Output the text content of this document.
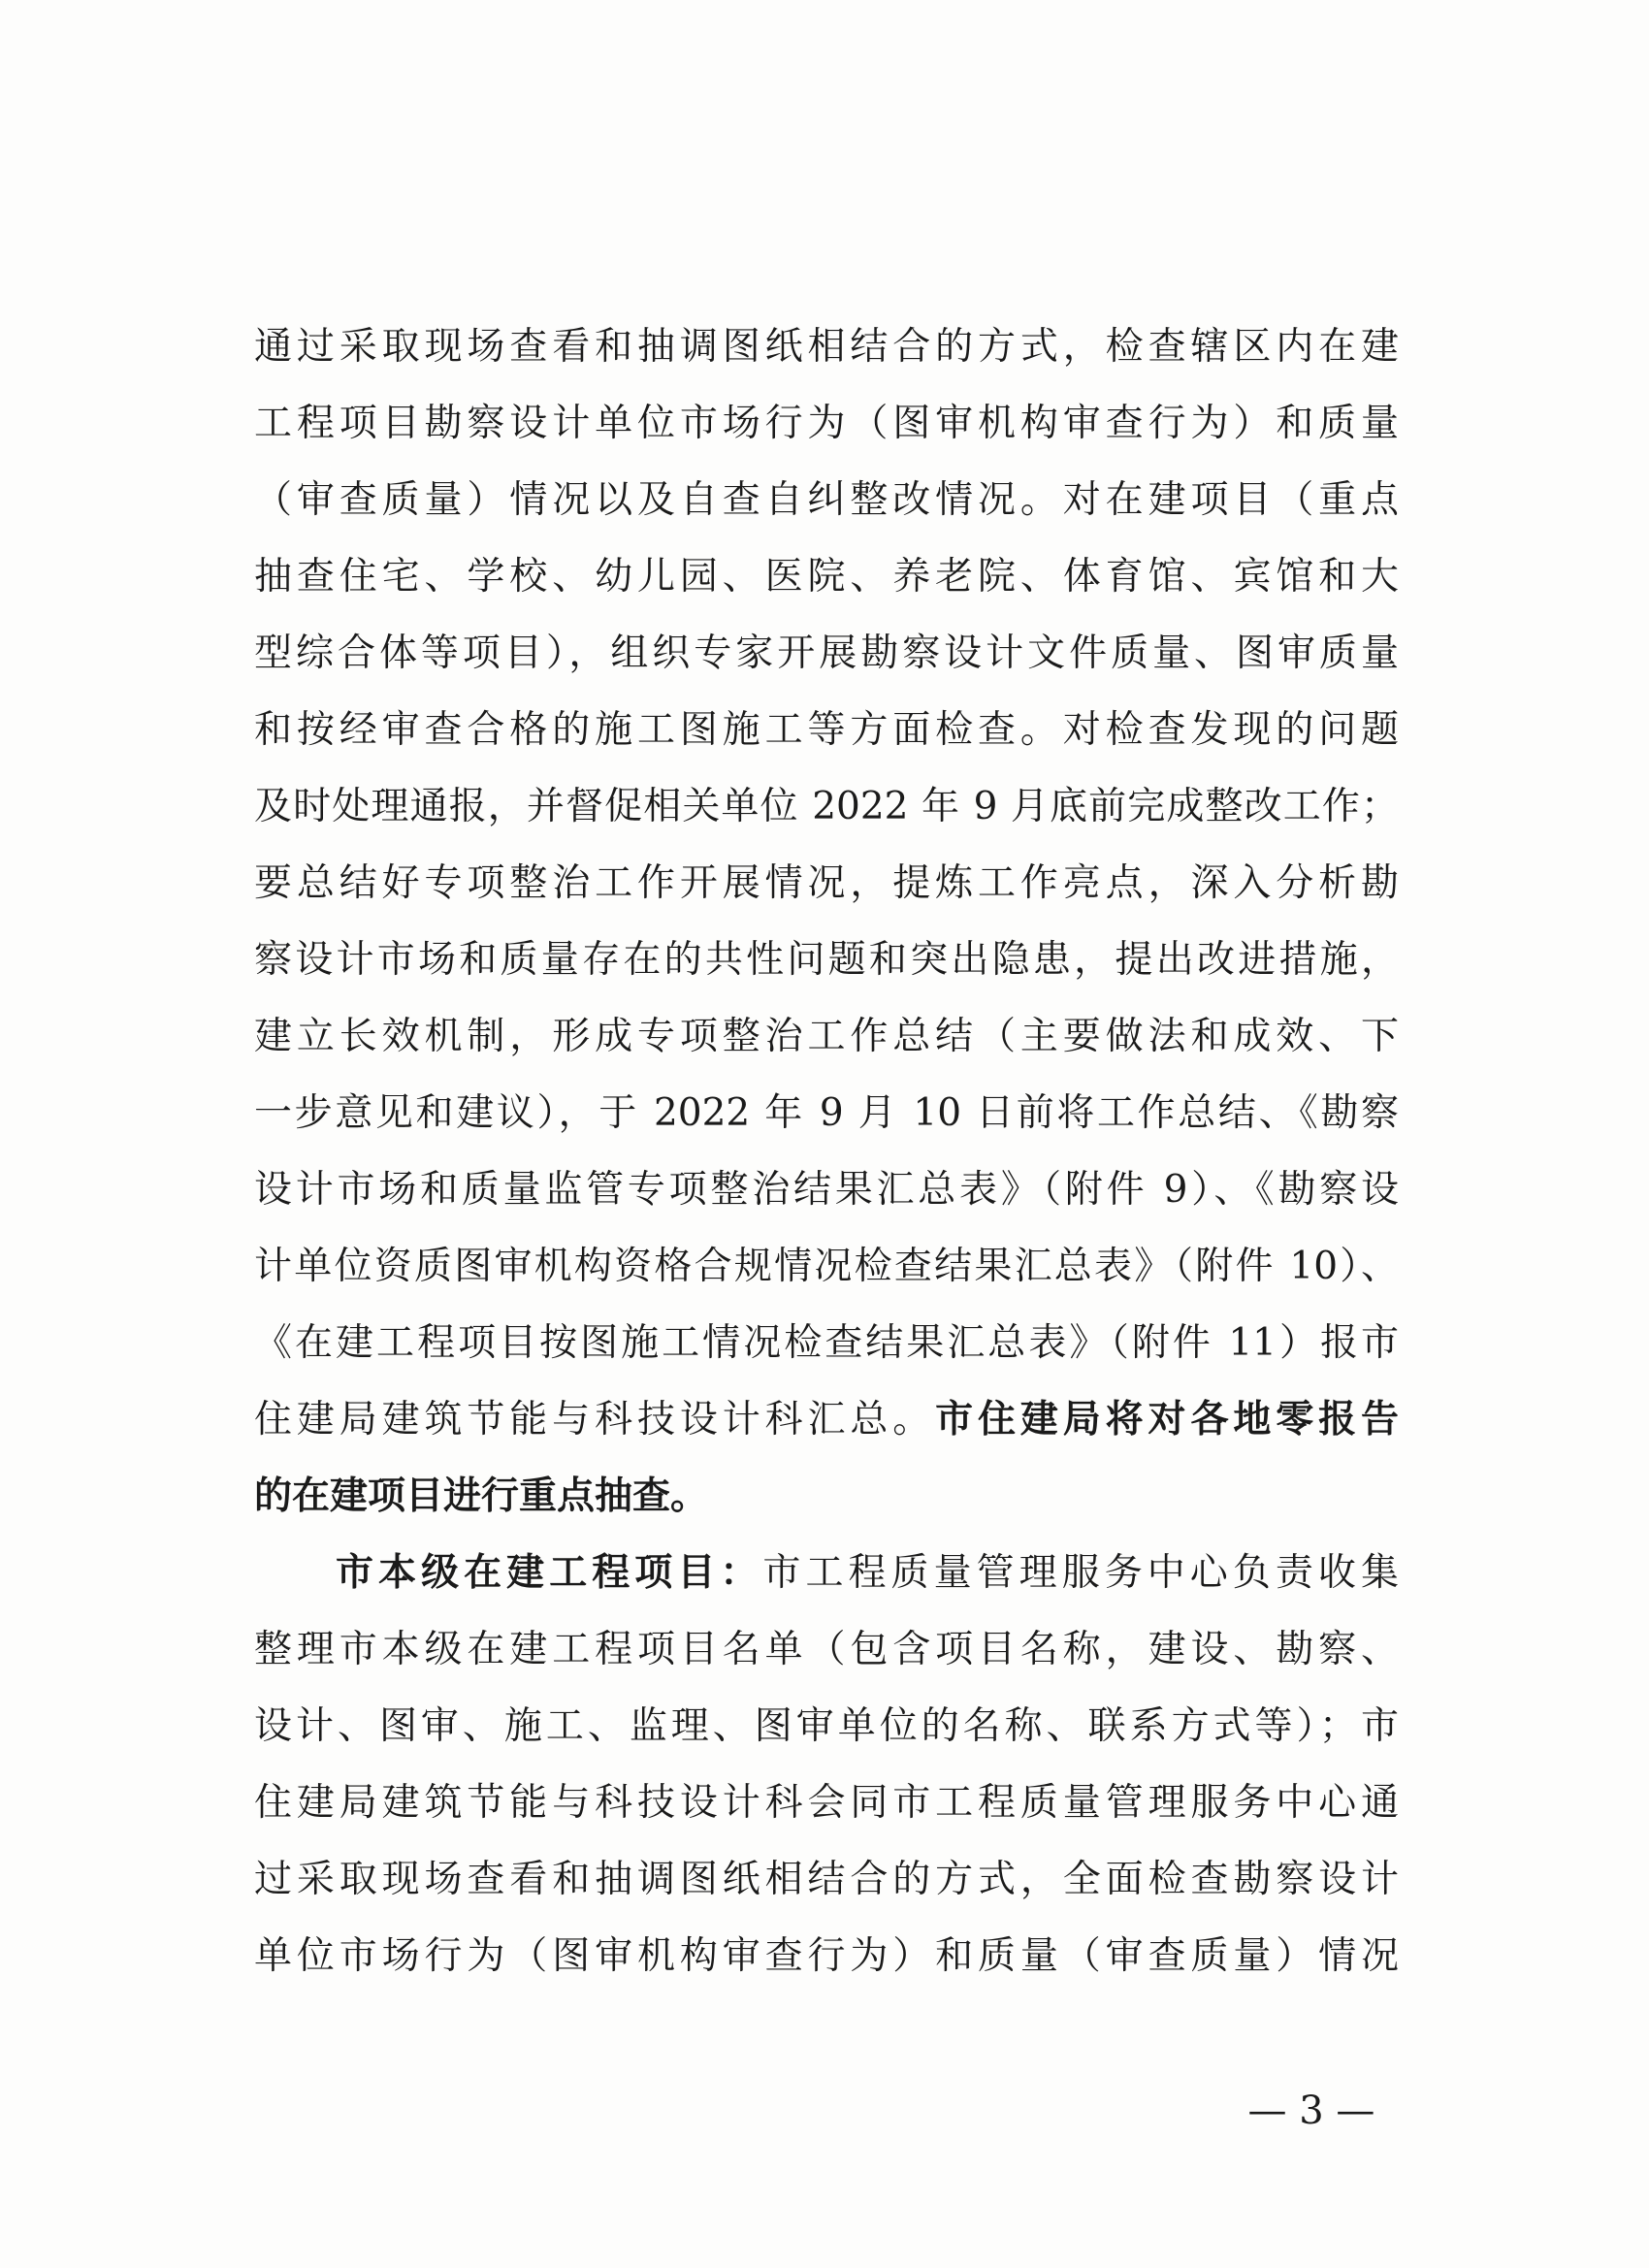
通过采取现场查看和抽调图纸相结合的方式，检查辖区内在建
工程项目勘察设计单位市场行为（图审机构审查行为）和质量
（审查质量）情况以及自查自纠整改情况。对在建项目（重点
抽查住宅、学校、幼儿园、医院、养老院、体育馆、宾馆和大
型综合体等项目），组织专家开展勘察设计文件质量、图审质量
和按经审查合格的施工图施工等方面检查。对检查发现的问题
及时处理通报，并督促相关单位 2022 年 9 月底前完成整改工作；
要总结好专项整治工作开展情况，提炼工作亮点，深入分析勘
察设计市场和质量存在的共性问题和突出隐患，提出改进措施，
建立长效机制，形成专项整治工作总结（主要做法和成效、下
一步意见和建议），于 2022 年 9 月 10 日前将工作总结、《勘察
设计市场和质量监管专项整治结果汇总表》（附件 9）、《勘察设
计单位资质图审机构资格合规情况检查结果汇总表》（附件 10）、
《在建工程项目按图施工情况检查结果汇总表》（附件 11）报市
住建局建筑节能与科技设计科汇总。市住建局将对各地零报告
的在建项目进行重点抽查。
市本级在建工程项目：市工程质量管理服务中心负责收集
整理市本级在建工程项目名单（包含项目名称，建设、勘察、
设计、图审、施工、监理、图审单位的名称、联系方式等）；市
住建局建筑节能与科技设计科会同市工程质量管理服务中心通
过采取现场查看和抽调图纸相结合的方式，全面检查勘察设计
单位市场行为（图审机构审查行为）和质量（审查质量）情况
— 3 —
